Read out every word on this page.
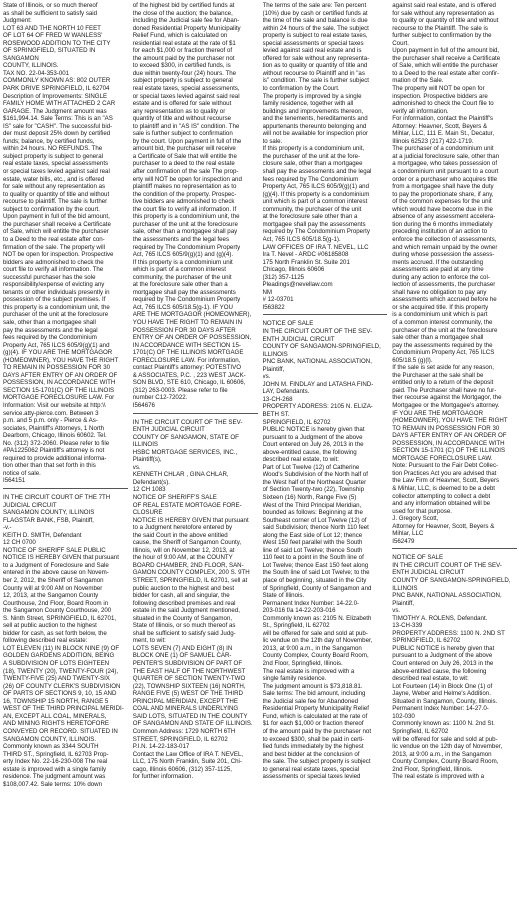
State of Illinois, or so much thereof
as shall be sufficient to satisfy said
Judgment:
LOT 63 AND THE NORTH 10 FEET
OF LOT 64 OF FRED W WANLESS'
ROSEWOOD ADDITION TO THE CITY
OF SPRINGFIELD, SITUATED IN SANGAMON
COUNTY, ILLINOIS.
TAX NO. 22-04-353-001
COMMONLY KNOWN AS: 802 OUTER
PARK DRIVE SPRINGFIELD, IL 62704
Description of Improvements: SINGLE
FAMILY HOME WITH ATTACHED 2 CAR
GARAGE. The Judgment amount was
$161,994.14. Sale Terms: This is an "AS
IS" sale for "CASH". The successful bid-
der must deposit 25% down by certified
funds; balance, by certified funds,
within 24 hours. NO REFUNDS. The
subject property is subject to general
real estate taxes, special assessments
or special taxes levied against said real
estate, water bills, etc., and is offered
for sale without any representation as
to quality or quantity of title and without
recourse to plaintiff. The sale is further
subject to confirmation by the court.
Upon payment in full of the bid amount,
the purchaser shall receive a Certificate
of Sale, which will entitle the purchaser
to a Deed to the real estate after con-
firmation of the sale. The property will
NOT be open for inspection. Prospective
bidders are admonished to check the
court file to verify all information. The
successful purchaser has the sole
responsibility/expense of evicting any
tenants or other individuals presently in
possession of the subject premises. If
this property is a condominium unit, the
purchaser of the unit at the foreclosure
sale, other than a mortgagee shall
pay the assessments and the legal
fees required by the Condominium
Property Act, 765 ILCS 605/9(g)(1) and
(g)(4). IF YOU ARE THE MORTGAGOR
(HOMEOWNER), YOU HAVE THE RIGHT
TO REMAIN IN POSSESSION FOR 30
DAYS AFTER ENTRY OF AN ORDER OF
POSSESSION, IN ACCORDANCE WITH
SECTION 15-1701(C) OF THE ILLINOIS
MORTGAGE FORECLOSURE LAW. For
Information: Visit our website at http:\\
service.atty-pierce.com. Between 3
p.m. and 5 p.m. only - Pierce & As-
sociates, Plaintiff's Attorneys, 1 North
Dearborn, Chicago, Illinois 60602. Tel.
No. (312) 372-2060. Please refer to file
#PA1225062 Plaintiff's attorney is not
required to provide additional informa-
tion other than that set forth in this
notice of sale.
I564151

IN THE CIRCUIT COURT OF THE 7TH
JUDICIAL CIRCUIT
SANGAMON COUNTY, ILLINOIS
FLAGSTAR BANK, FSB, Plaintiff,
-v.-
KEITH D. SMITH, Defendant
12 CH 0700
NOTICE OF SHERIFF SALE PUBLIC
NOTICE IS HEREBY GIVEN that pursuant
to a Judgment of Foreclosure and Sale
entered in the above cause on Novem-
ber 2, 2012, the Sheriff of Sangamon
County will at 9:00 AM on November
12, 2013, at the Sangamon County
Courthouse, 2nd Floor, Board Room in
the Sangamon County Courthouse, 200
S. Ninth Street, SPRINGFIELD, IL 62701,
sell at public auction to the highest
bidder for cash, as set forth below, the
following described real estate:
LOT ELEVEN (11) IN BLOCK NINE (9) OF
GOLDEN GARDENS ADDITION, BEING
A SUBDIVISION OF LOTS EIGHTEEN
(18), TWENTY (20), TWENTY-FOUR (24),
TWENTY-FIVE (25) AND TWENTY-SIX
(26) OF COUNTY CLERK'S SUBDIVISION
OF PARTS OF SECTIONS 9, 10, 15 AND
16, TOWNSHIP 15 NORTH, RANGE 5
WEST OF THE THIRD PRINCIPAL MERIDI-
AN, EXCEPT ALL COAL, MINERALS,
AND MINING RIGHTS HERETOFORE
CONVEYED OR RECORD. SITUATED IN
SANGAMON COUNTY, ILLINOIS.
Commonly known as 3344 SOUTH
THIRD ST., Springfield, IL 62703 Prop-
erty Index No. 22-16-230-008 The real
estate is improved with a single family
residence. The judgment amount was
$108,007.42. Sale terms: 10% down

of the highest bid by certified funds at
the close of the auction; the balance,
including the Judicial sale fee for Aban-
doned Residential Property Municipality
Relief Fund, which is calculated on
residential real estate at the rate of $1
for each $1,000 or fraction thereof of
the amount paid by the purchaser not
to exceed $300, in certified funds, is
due within twenty-four (24) hours. The
subject property is subject to general
real estate taxes, special assessments,
or special taxes levied against said real
estate and is offered for sale without
any representation as to quality or
quantity of title and without recourse
to plaintiff and in "AS IS" condition. The
sale is further subject to confirmation
by the court. Upon payment in full of the
amount bid, the purchaser will receive
a Certificate of Sale that will entitle the
purchaser to a deed to the real estate
after confirmation of the sale The prop-
erty will NOT be open for inspection and
plaintiff makes no representation as to
the condition of the property. Prospec-
tive bidders are admonished to check
the court file to verify all information. If
this property is a condominium unit, the
purchaser of the unit at the foreclosure
sale, other than a mortgagee shall pay
the assessments and the legal fees
required by The Condominium Property
Act, 765 ILCS 605/9(g)(1) and (g)(4).
If this property is a condominium unit
which is part of a common interest
community, the purchaser of the unit
at the foreclosure sale other than a
mortgagee shall pay the assessments
required by The Condominium Property
Act, 765 ILCS 605/18.5(g-1). IF YOU
ARE THE MORTGAGOR (HOMEOWNER),
YOU HAVE THE RIGHT TO REMAIN IN
POSSESSION FOR 30 DAYS AFTER
ENTRY OF AN ORDER OF POSSESSION,
IN ACCORDANCE WITH SECTION 15-
1701(C) OF THE ILLINOIS MORTGAGE
FORECLOSURE LAW. For information,
contact Plaintiff's attorney: POTESTIVO
& ASSOCIATES, P.C. , 223 WEST JACK-
SON BLVD, STE 610, Chicago, IL 60606,
(312) 263-0003. Please refer to file
number C12-72022.
I564676

IN THE CIRCUIT COURT OF THE SEV-
ENTH JUDICIAL CIRCUIT
COUNTY OF SANGAMON, STATE OF
ILLINOIS
HSBC MORTGAGE SERVICES, INC.,
Plaintiff(s),
vs.
KENNETH CHLAR , GINA CHLAR,
Defendant(s).
12 CH 1083
NOTICE OF SHERIFF'S SALE
OF REAL ESTATE MORTGAGE FORE-
CLOSURE
NOTICE IS HEREBY GIVEN that pursuant
to a Judgment heretofore entered by
the said Court in the above entitled
cause, the Sheriff of Sangamon County,
Illinois, will on November 12, 2013, at
the hour of 9:00 AM, at the COUNTY
BOARD CHAMBER, 2ND FLOOR, SAN-
GAMON COUNTY COMPLEX, 200 S. 9TH
STREET, SPRINGFIELD, IL 62701, sell at
public auction to the highest and best
bidder for cash, all and singular, the
following described premises and real
estate in the said Judgment mentioned,
situated in the County of Sangamon,
State of Illinois, or so much thereof as
shall be sufficient to satisfy said Judg-
ment, to wit:
LOTS SEVEN (7) AND EIGHT (8) IN
BLOCK ONE (1) OF SAMUEL CAR-
PENTER'S SUBDIVISION OF PART OF
THE EAST HALF OF THE NORTHWEST
QUARTER OF SECTION TWENTY-TWO
(22), TOWNSHIP SIXTEEN (16) NORTH,
RANGE FIVE (5) WEST OF THE THIRD
PRINCIPAL MERIDIAN, EXCEPT THE
COAL AND MINERALS UNDERLYING
SAID LOTS, SITUATED IN THE COUNTY
OF SANGAMON AND STATE OF ILLINOIS.
Common Address: 1729 NORTH 6TH
STREET, SPRINGFIELD, IL 62702
P.I.N. 14-22-183-017
Contact the Law Office of IRA T. NEVEL,
LLC, 175 North Franklin, Suite 201, Chi-
cago, Illinois 60606, (312) 357-1125,
for further information.

The terms of the sale are: Ten percent
(10%) due by cash or certified funds at
the time of the sale and balance is due
within 24 hours of the sale. The subject
property is subject to real estate taxes,
special assessments or special taxes
levied against said real estate and is
offered for sale without any representa-
tion as to quality or quantity of title and
without recourse to Plaintiff and in "as
is" condition. The sale is further subject
to confirmation by the Court.
The property is improved by a single
family residence, together with all
buildings and improvements thereon,
and the tenements, hereditaments and
appurtenants thereunto belonging and
will not be available for inspection prior
to sale.
If this property is a condominium unit,
the purchaser of the unit at the fore-
closure sale, other than a mortgagee
shall pay the assessments and the legal
fees required by The Condominium
Property Act, 765 ILCS 605/9(g)(1) and
(g)(4). If this property is a condominium
unit which is part of a common interest
community, the purchaser of the unit
at the foreclosure sale other than a
mortgagee shall pay the assessments
required by The Condominium Property
Act, 765 ILCS 605/18.5(g-1).
LAW OFFICES OF IRA T. NEVEL, LLC
Ira T. Nevel - ARDC #06185808
175 North Franklin St. Suite 201
Chicago, Illinois 60606
(312) 357-1125
Pleadings@nevellaw.com
NM
# 12-03701
I563822

NOTICE OF SALE
IN THE CIRCUIT COURT OF THE SEV-
ENTH JUDICIAL CIRCUIT
COUNTY OF SANGAMON-SPRINGFIELD,
ILLINOIS
PNC BANK, NATIONAL ASSOCIATION,
Plaintiff,
vs.
JOHN M. FINDLAY and LATASHA FIND-
LAY, Defendants.
13-CH-268
PROPERTY ADDRESS: 2105 N. ELIZA-
BETH ST.
SPRINGFIELD, IL 62702
PUBLIC NOTICE is hereby given that
pursuant to a Judgment of the above
Court entered on July 26, 2013 in the
above-entitled cause, the following
described real estate, to wit:
Part of Lot Twelve (12) of Catherine
Wood's Subdivision of the North half of
the West half of the Northeast Quarter
of Section Twenty-two (22), Township
Sixteen (16) North, Range Five (5)
West of the Third Principal Meridian,
bounded as follows: Beginning at the
Southeast corner of Lot Twelve (12) of
said Subdivision; thence North 110 feet
along the East side of Lot 12; thence
West 150 feet parallel with the South
line of said Lot Twelve; thence South
110 feet to a point in the South line of
Lot Twelve; thence East 150 feet along
the South line of said Lot Twelve; to the
place of beginning, situated in the City
of Springfield, County of Sangamon and
State of Illinois.
Permanent Index Number: 14-22.0-
203-016 f/a 14-22-203-016
Commonly known as: 2105 N. Elizabeth
St., Springfield, IL 62702
will be offered for sale and sold at pub-
lic vendue on the 12th day of November,
2013, at 9:00 a.m., in the Sangamon
County Complex, County Board Room,
2nd Floor, Springfield, Illinois.
The real estate is improved with a
single family residence.
The judgment amount is $73,818.81.
Sale terms: The bid amount, including
the Judicial sale fee for Abandoned
Residential Property Municipality Relief
Fund, which is calculated at the rate of
$1 for each $1,000 or fraction thereof
of the amount paid by the purchaser not
to exceed $300, shall be paid in certi-
fied funds immediately by the highest
and best bidder at the conclusion of
the sale. The subject property is subject
to general real estate taxes, special
assessments or special taxes levied

against said real estate, and is offered
for sale without any representation as
to quality or quantity of title and without
recourse to the Plaintiff. The sale is
further subject to confirmation by the
Court.
Upon payment in full of the amount bid,
the purchaser shall receive a Certificate
of Sale, which will entitle the purchaser
to a Deed to the real estate after confir-
mation of the Sale.
The property will NOT be open for
inspection. Prospective bidders are
admonished to check the Court file to
verify all information.
For information, contact the Plaintiff's
Attorney: Heavner, Scott, Beyers &
Mihlar, LLC, 111 E. Main St., Decatur,
Illinois 62523 (217) 422-1719.
The purchaser of a condominium unit
at a judicial foreclosure sale, other than
a mortgagee, who takes possession of
a condominium unit pursuant to a court
order or a purchaser who acquires title
from a mortgagee shall have the duty
to pay the proportionate share, if any,
of the common expenses for the unit
which would have become due in the
absence of any assessment accelera-
tion during the 6 months immediately
preceding institution of an action to
enforce the collection of assessments,
and which remain unpaid by the owner
during whose possession the assess-
ments accrued. If the outstanding
assessments are paid at any time
during any action to enforce the col-
lection of assessments, the purchaser
shall have no obligation to pay any
assessments which accrued before he
or she acquired title. If this property
is a condominium unit which is part
of a common interest community, the
purchaser of the unit at the foreclosure
sale other than a mortgagee shall
pay the assessments required by the
Condominium Property Act, 765 ILCS
605/18.5 (g)(l).
If the sale is set aside for any reason,
the Purchaser at the sale shall be
entitled only to a return of the deposit
paid. The Purchaser shall have no fur-
ther recourse against the Mortgagor, the
Mortgagee or the Mortgagee's attorney.
IF YOU ARE THE MORTGAGOR
(HOMEOWNER), YOU HAVE THE RIGHT
TO REMAIN IN POSSESSION FOR 30
DAYS AFTER ENTRY OF AN ORDER OF
POSSESSION, IN ACCORDANCE WITH
SECTION 15-1701 (C) OF THE ILLINOIS
MORTGAGE FORECLOSURE LAW.
Note: Pursuant to the Fair Debt Collec-
tion Practices Act you are advised that
the Law Firm of Heavner, Scott, Beyers
& Mihlar, LLC, is deemed to be a debt
collector attempting to collect a debt
and any information obtained will be
used for that purpose.
J. Gregory Scott,
Attorney for Heavner, Scott, Beyers &
Mihlar, LLC
I562479

NOTICE OF SALE
IN THE CIRCUIT COURT OF THE SEV-
ENTH JUDICIAL CIRCUIT
COUNTY OF SANGAMON-SPRINGFIELD,
ILLINOIS
PNC BANK, NATIONAL ASSOCIATION,
Plaintiff,
vs.
TIMOTHY A. ROLENS, Defendant.
13-CH-339
PROPERTY ADDRESS: 1100 N. 2ND ST
SPRINGFIELD, IL 62702
PUBLIC NOTICE is hereby given that
pursuant to a Judgment of the above
Court entered on July 26, 2013 in the
above-entitled cause, the following
described real estate, to wit:
Lot Fourteen (14) in Block One (1) of
Jayne, Weber and Helme's Addition.
Situated in Sangamon, County, Illinois.
Permanent Index Number: 14-27.0-
102-030
Commonly known as: 1100 N. 2nd St.
Springfield, IL 62702
will be offered for sale and sold at pub-
lic vendue on the 12th day of November,
2013, at 9:00 a.m., in the Sangamon
County Complex, County Board Room,
2nd Floor, Springfield, Illinois.
The real estate is improved with a
